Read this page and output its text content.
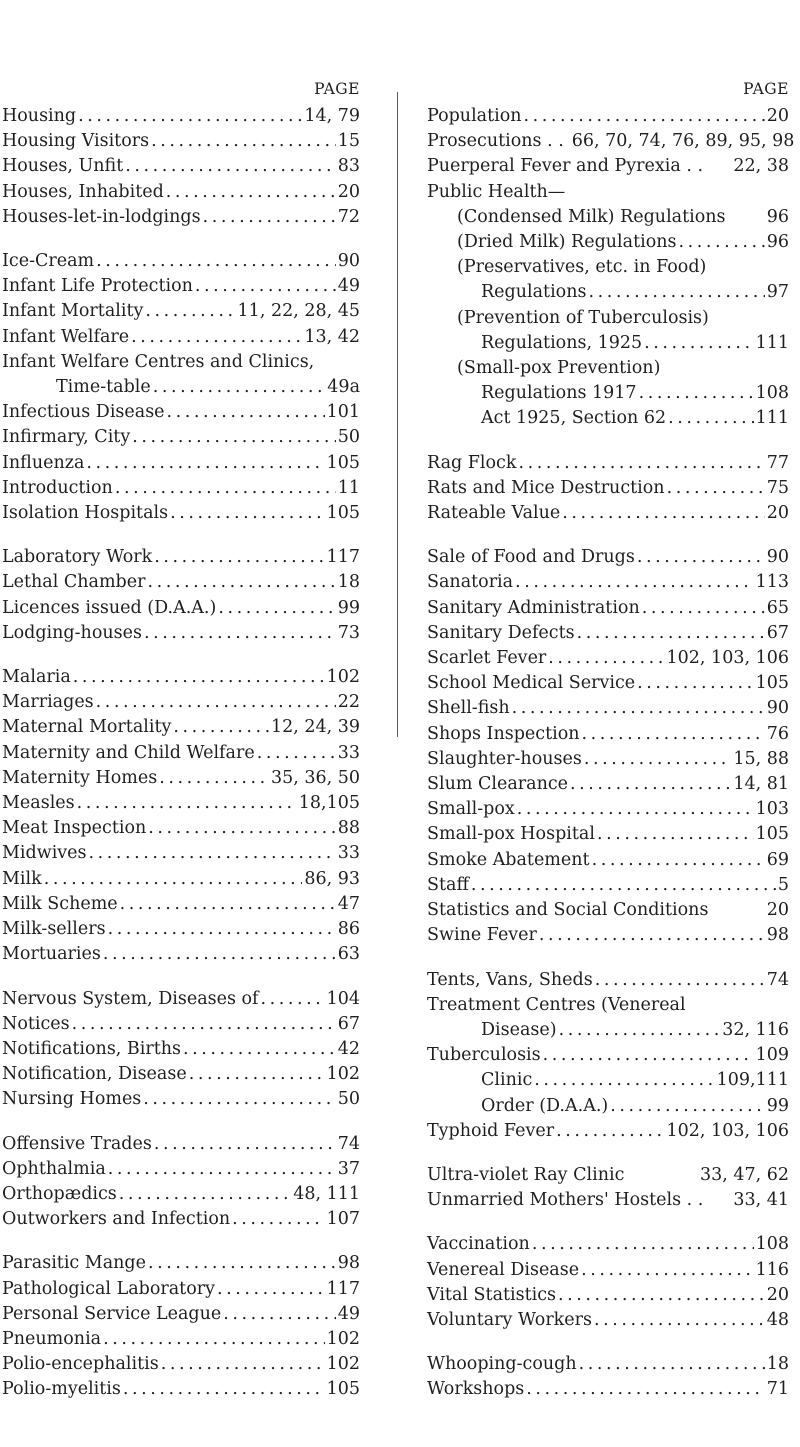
PAGE
Housing . . .	14, 79
Housing Visitors . . .	15
Houses, Unfit . . .	83
Houses, Inhabited . . .	20
Houses-let-in-lodgings . . .	72
Ice-Cream . . .	90
Infant Life Protection . . .	49
Infant Mortality . . .	11, 22, 28, 45
Infant Welfare . . .	13, 42
Infant Welfare Centres and Clinics,
Time-table . . .	49a
Infectious Disease . . .	101
Infirmary, City . . .	50
Influenza . . .	105
Introduction . . .	11
Isolation Hospitals . . .	105
Laboratory Work . . .	117
Lethal Chamber . . .	18
Licences issued (D.A.A.) . . .	99
Lodging-houses . . .	73
Malaria . . .	102
Marriages . . .	22
Maternal Mortality . . .	12, 24, 39
Maternity and Child Welfare . . .	33
Maternity Homes . . .	35, 36, 50
Measles . . .	18,105
Meat Inspection . . .	88
Midwives . . .	33
Milk . . .	86, 93
Milk Scheme . . .	47
Milk-sellers . . .	86
Mortuaries . . .	63
Nervous System, Diseases of . . .	104
Notices . . .	67
Notifications, Births . . .	42
Notification, Disease . . .	102
Nursing Homes . . .	50
Offensive Trades . . .	74
Ophthalmia . . .	37
Orthopædics . . .	48, 111
Outworkers and Infection . . .	107
Parasitic Mange . . .	98
Pathological Laboratory . . .	117
Personal Service League . . .	49
Pneumonia . . .	102
Polio-encephalitis . . .	102
Polio-myelitis . . .	105
PAGE
Population . . .	20
Prosecutions . . 66, 70, 74, 76, 89, 95, 98
Puerperal Fever and Pyrexia . . 22, 38
Public Health—
(Condensed Milk) Regulations 96
(Dried Milk) Regulations . . .	96
(Preservatives, etc. in Food)
Regulations . . .	97
(Prevention of Tuberculosis)
Regulations, 1925 . . .	111
(Small-pox Prevention)
Regulations 1917 . . .	108
Act 1925, Section 62 . . .	111
Rag Flock . . .	77
Rats and Mice Destruction . . .	75
Rateable Value . . .	20
Sale of Food and Drugs . . .	90
Sanatoria . . .	113
Sanitary Administration . . .	65
Sanitary Defects . . .	67
Scarlet Fever . . .	102, 103, 106
School Medical Service . . .	105
Shell-fish . . .	90
Shops Inspection . . .	76
Slaughter-houses . . .	15, 88
Slum Clearance . . .	14, 81
Small-pox . . .	103
Small-pox Hospital . . .	105
Smoke Abatement . . .	69
Staff . . .	5
Statistics and Social Conditions	20
Swine Fever . . .	98
Tents, Vans, Sheds . . .	74
Treatment Centres (Venereal
Disease) . . .	32, 116
Tuberculosis . . .	109
Clinic . . .	109,111
Order (D.A.A.) . . .	99
Typhoid Fever . . .	102, 103, 106
Ultra-violet Ray Clinic	33, 47, 62
Unmarried Mothers' Hostels . . 33, 41
Vaccination . . .	108
Venereal Disease . . .	116
Vital Statistics . . .	20
Voluntary Workers . . .	48
Whooping-cough . . .	18
Workshops . . .	71
